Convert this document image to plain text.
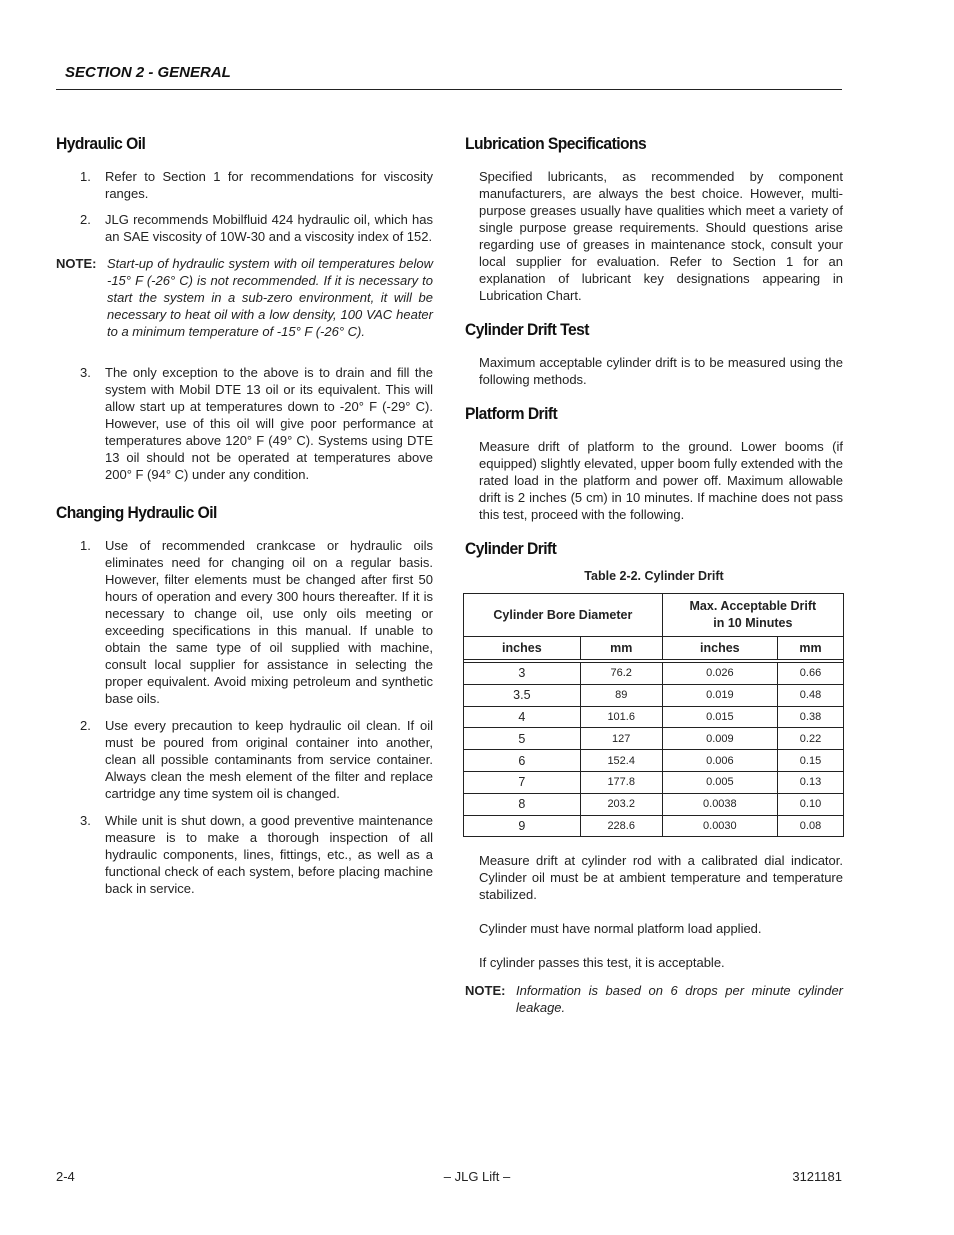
SECTION 2 - GENERAL
Hydraulic Oil
1. Refer to Section 1 for recommendations for viscosity ranges.
2. JLG recommends Mobilfluid 424 hydraulic oil, which has an SAE viscosity of 10W-30 and a viscosity index of 152.
NOTE: Start-up of hydraulic system with oil temperatures below -15° F (-26° C) is not recommended. If it is necessary to start the system in a sub-zero environment, it will be necessary to heat oil with a low density, 100 VAC heater to a minimum temperature of -15° F (-26° C).
3. The only exception to the above is to drain and fill the system with Mobil DTE 13 oil or its equivalent. This will allow start up at temperatures down to -20° F (-29° C). However, use of this oil will give poor performance at temperatures above 120° F (49° C). Systems using DTE 13 oil should not be operated at temperatures above 200° F (94° C) under any condition.
Changing Hydraulic Oil
1. Use of recommended crankcase or hydraulic oils eliminates need for changing oil on a regular basis. However, filter elements must be changed after first 50 hours of operation and every 300 hours thereafter. If it is necessary to change oil, use only oils meeting or exceeding specifications in this manual. If unable to obtain the same type of oil supplied with machine, consult local supplier for assistance in selecting the proper equivalent. Avoid mixing petroleum and synthetic base oils.
2. Use every precaution to keep hydraulic oil clean. If oil must be poured from original container into another, clean all possible contaminants from service container. Always clean the mesh element of the filter and replace cartridge any time system oil is changed.
3. While unit is shut down, a good preventive maintenance measure is to make a thorough inspection of all hydraulic components, lines, fittings, etc., as well as a functional check of each system, before placing machine back in service.
Lubrication Specifications

Specified lubricants, as recommended by component manufacturers, are always the best choice. However, multi-purpose greases usually have qualities which meet a variety of single purpose grease requirements. Should questions arise regarding use of greases in maintenance stock, consult your local supplier for evaluation. Refer to Section 1 for an explanation of lubricant key designations appearing in Lubrication Chart.

Cylinder Drift Test

Maximum acceptable cylinder drift is to be measured using the following methods.

Platform Drift

Measure drift of platform to the ground. Lower booms (if equipped) slightly elevated, upper boom fully extended with the rated load in the platform and power off. Maximum allowable drift is 2 inches (5 cm) in 10 minutes. If machine does not pass this test, proceed with the following.

Cylinder Drift
Table 2-2. Cylinder Drift
Cylinder Bore Diameter		Max. Acceptable Drift
in 10 Minutes	
inches	mm	inches	mm

3	76.2	0.026	0.66
3.5	89	0.019	0.48
4	101.6	0.015	0.38
5	127	0.009	0.22
6	152.4	0.006	0.15
7	177.8	0.005	0.13
8	203.2	0.0038	0.10
9	228.6	0.0030	0.08

Measure drift at cylinder rod with a calibrated dial indicator. Cylinder oil must be at ambient temperature and temperature stabilized.

Cylinder must have normal platform load applied.

If cylinder passes this test, it is acceptable.

NOTE: Information is based on 6 drops per minute cylinder leakage.
2-4	– JLG Lift –	3121181
